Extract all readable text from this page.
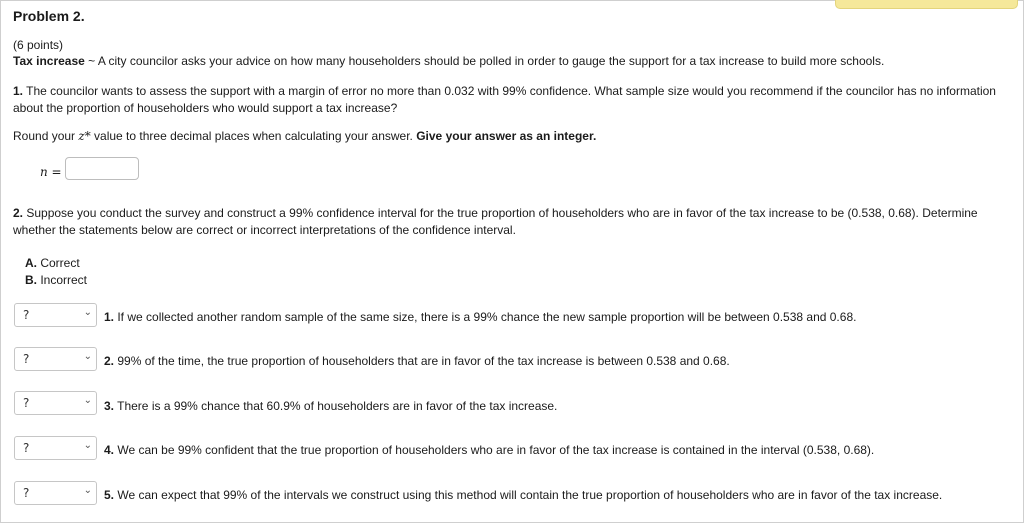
Problem 2.
(6 points)
Tax increase ~ A city councilor asks your advice on how many householders should be polled in order to gauge the support for a tax increase to build more schools.
1. The councilor wants to assess the support with a margin of error no more than 0.032 with 99% confidence. What sample size would you recommend if the councilor has no information about the proportion of householders who would support a tax increase?
Round your z* value to three decimal places when calculating your answer. Give your answer as an integer.
n =
2. Suppose you conduct the survey and construct a 99% confidence interval for the true proportion of householders who are in favor of the tax increase to be (0.538, 0.68). Determine whether the statements below are correct or incorrect interpretations of the confidence interval.
A. Correct
B. Incorrect
?	⌄ 1. If we collected another random sample of the same size, there is a 99% chance the new sample proportion will be between 0.538 and 0.68.
?	⌄ 2. 99% of the time, the true proportion of householders that are in favor of the tax increase is between 0.538 and 0.68.
?	⌄ 3. There is a 99% chance that 60.9% of householders are in favor of the tax increase.
?	⌄ 4. We can be 99% confident that the true proportion of householders who are in favor of the tax increase is contained in the interval (0.538, 0.68).
?	⌄ 5. We can expect that 99% of the intervals we construct using this method will contain the true proportion of householders who are in favor of the tax increase.
